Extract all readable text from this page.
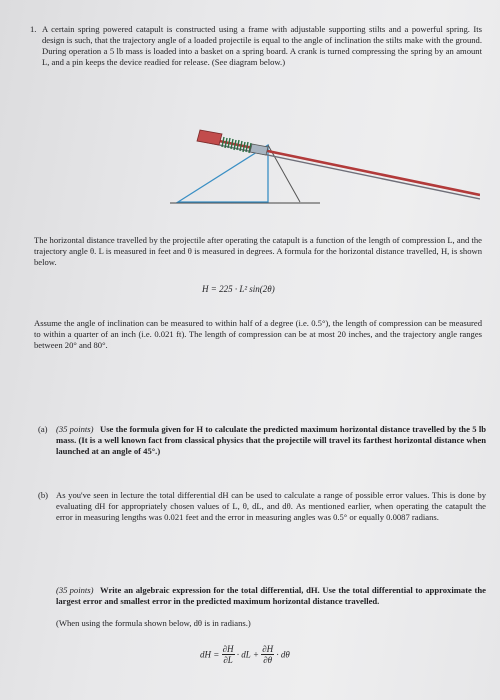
1. A certain spring powered catapult is constructed using a frame with adjustable supporting stilts and a powerful spring. Its design is such, that the trajectory angle of a loaded projectile is equal to the angle of inclination the stilts make with the ground. During operation a 5 lb mass is loaded into a basket on a spring board. A crank is turned compressing the spring by an amount L, and a pin keeps the device readied for release. (See diagram below.)

The horizontal distance travelled by the projectile after operating the catapult is a function of the length of compression L, and the trajectory angle θ. L is measured in feet and θ is measured in degrees. A formula for the horizontal distance travelled, H, is shown below.

H = 225 · L² sin(2θ)

Assume the angle of inclination can be measured to within half of a degree (i.e. 0.5°), the length of compression can be measured to within a quarter of an inch (i.e. 0.021 ft). The length of compression can be at most 20 inches, and the trajectory angle ranges between 20° and 80°.

(a) (35 points) Use the formula given for H to calculate the predicted maximum horizontal distance travelled by the 5 lb mass. (It is a well known fact from classical physics that the projectile will travel its farthest horizontal distance when launched at an angle of 45°.)

(b) As you've seen in lecture the total differential dH can be used to calculate a range of possible error values. This is done by evaluating dH for appropriately chosen values of L, θ, dL, and dθ. As mentioned earlier, when operating the catapult the error in measuring lengths was 0.021 feet and the error in measuring angles was 0.5° or equally 0.0087 radians.

(35 points) Write an algebraic expression for the total differential, dH. Use the total differential to approximate the largest error and smallest error in the predicted maximum horizontal distance travelled.

(When using the formula shown below, dθ is in radians.)

dH = $\frac{\partial H}{\partial L}$ · dL + $\frac{\partial H}{\partial\theta} \cdot d\theta$
